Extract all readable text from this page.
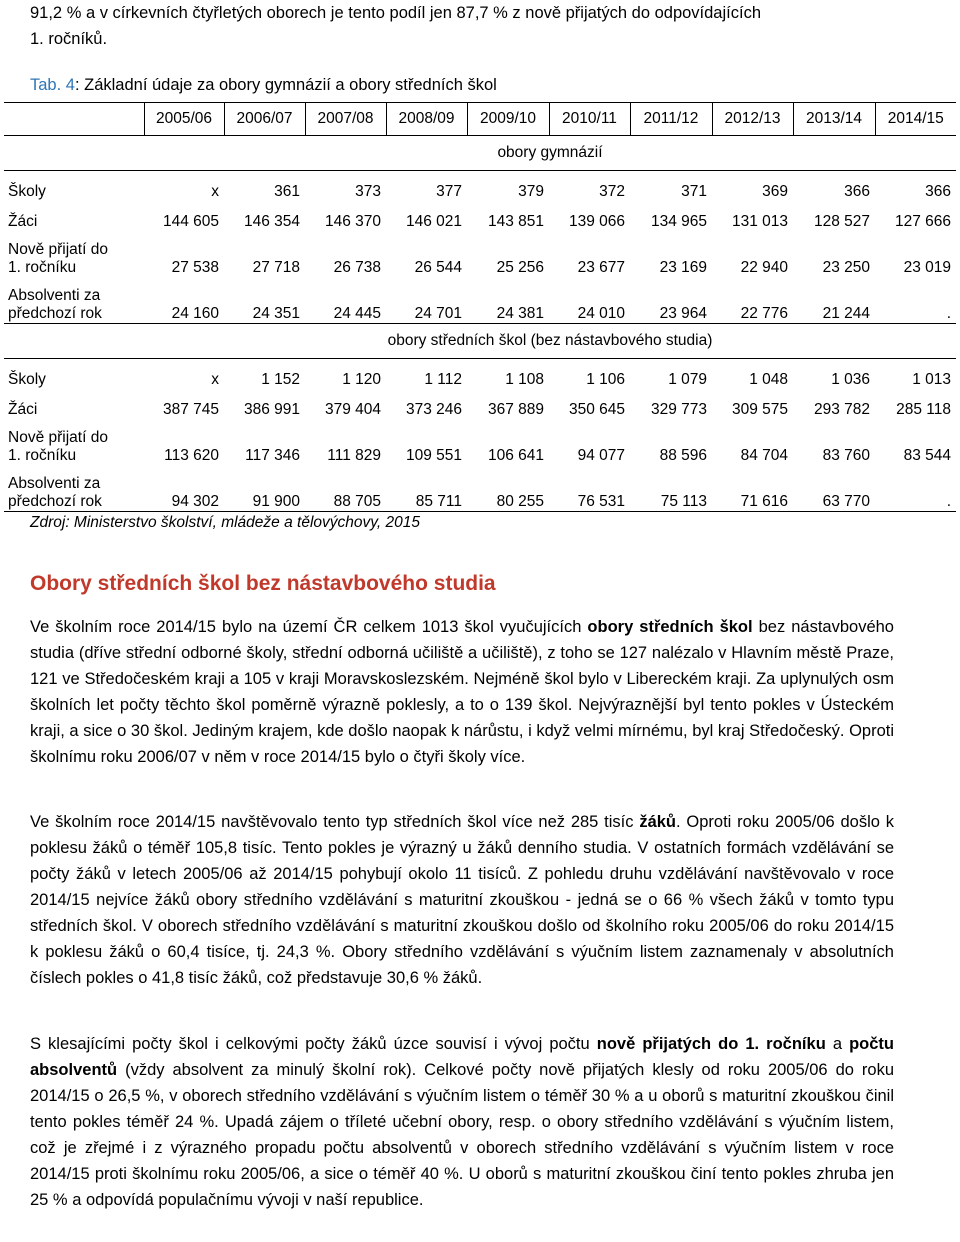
91,2 % a v církevních čtyřletých oborech je tento podíl jen 87,7 % z nově přijatých do odpovídajících
1. ročníků.
Tab. 4: Základní údaje za obory gymnázií a obory středních škol
	2005/06	2006/07	2007/08	2008/09	2009/10	2010/11	2011/12	2012/13	2013/14	2014/15
	obory gymnázií									

Školy	x	361	373	377	379	372	371	369	366	366

Žáci	144 605	146 354	146 370	146 021	143 851	139 066	134 965	131 013	128 527	127 666

Nově přijatí do
1. ročníku	27 538	27 718	26 738	26 544	25 256	23 677	23 169	22 940	23 250	23 019

Absolventi za
předchozí rok	24 160	24 351	24 445	24 701	24 381	24 010	23 964	22 776	21 244	.
	obory středních škol (bez nástavbového studia)									

Školy	x	1 152	1 120	1 112	1 108	1 106	1 079	1 048	1 036	1 013

Žáci	387 745	386 991	379 404	373 246	367 889	350 645	329 773	309 575	293 782	285 118

Nově přijatí do
1. ročníku	113 620	117 346	111 829	109 551	106 641	94 077	88 596	84 704	83 760	83 544

Absolventi za
předchozí rok	94 302	91 900	88 705	85 711	80 255	76 531	75 113	71 616	63 770	.
Zdroj: Ministerstvo školství, mládeže a tělovýchovy, 2015
Obory středních škol bez nástavbového studia

Ve školním roce 2014/15 bylo na území ČR celkem 1013 škol vyučujících obory středních škol bez nástavbového studia (dříve střední odborné školy, střední odborná učiliště a učiliště), z toho se 127 nalézalo v Hlavním městě Praze, 121 ve Středočeském kraji a 105 v kraji Moravskoslezském. Nejméně škol bylo v Libereckém kraji. Za uplynulých osm školních let počty těchto škol poměrně výrazně poklesly, a to o 139 škol. Nejvýraznější byl tento pokles v Ústeckém kraji, a sice o 30 škol. Jediným krajem, kde došlo naopak k nárůstu, i když velmi mírnému, byl kraj Středočeský. Oproti školnímu roku 2006/07 v něm v roce 2014/15 bylo o čtyři školy více.

Ve školním roce 2014/15 navštěvovalo tento typ středních škol více než 285 tisíc žáků. Oproti roku 2005/06 došlo k poklesu žáků o téměř 105,8 tisíc. Tento pokles je výrazný u žáků denního studia. V ostatních formách vzdělávání se počty žáků v letech 2005/06 až 2014/15 pohybují okolo 11 tisíců. Z pohledu druhu vzdělávání navštěvovalo v roce 2014/15 nejvíce žáků obory středního vzdělávání s maturitní zkouškou - jedná se o 66 % všech žáků v tomto typu středních škol. V oborech středního vzdělávání s maturitní zkouškou došlo od školního roku 2005/06 do roku 2014/15 k poklesu žáků o 60,4 tisíce, tj. 24,3 %. Obory středního vzdělávání s výučním listem zaznamenaly v absolutních číslech pokles o 41,8 tisíc žáků, což představuje 30,6 % žáků.

S klesajícími počty škol i celkovými počty žáků úzce souvisí i vývoj počtu nově přijatých do 1. ročníku a počtu absolventů (vždy absolvent za minulý školní rok). Celkové počty nově přijatých klesly od roku 2005/06 do roku 2014/15 o 26,5 %, v oborech středního vzdělávání s výučním listem o téměř 30 % a u oborů s maturitní zkouškou činil tento pokles téměř 24 %. Upadá zájem o tříleté učební obory, resp. o obory středního vzdělávání s výučním listem, což je zřejmé i z výrazného propadu počtu absolventů v oborech středního vzdělávání s výučním listem v roce 2014/15 proti školnímu roku 2005/06, a sice o téměř 40 %. U oborů s maturitní zkouškou činí tento pokles zhruba jen 25 % a odpovídá populačnímu vývoji v naší republice.
